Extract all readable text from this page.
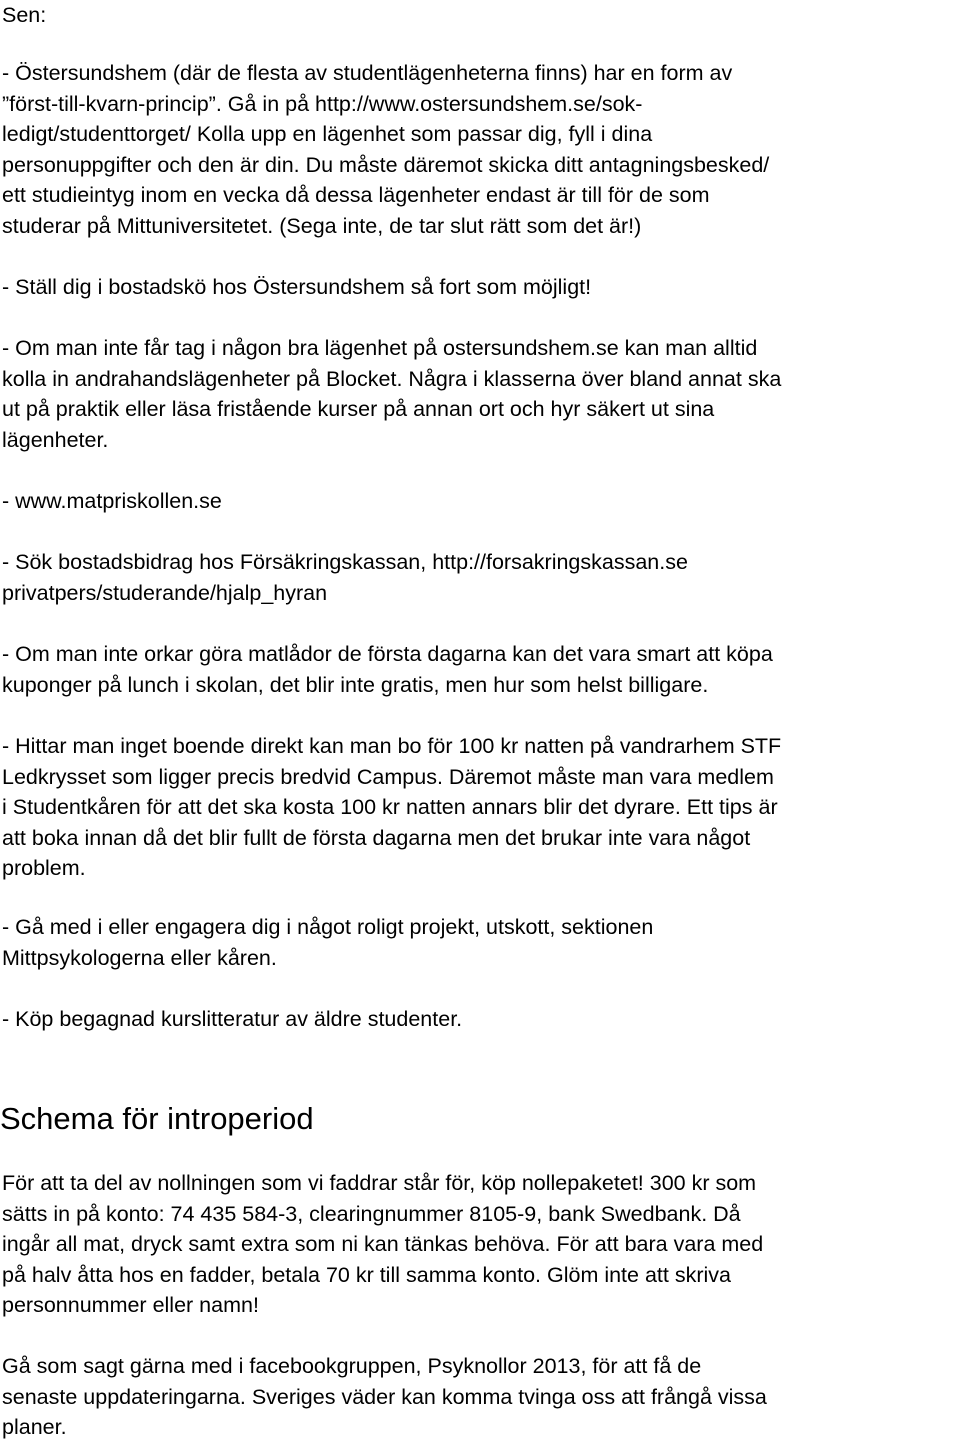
Sen:
- Östersundshem (där de flesta av studentlägenheterna finns) har en form av
”först-till-kvarn-princip”. Gå in på http://www.ostersundshem.se/sok-
ledigt/studenttorget/ Kolla upp en lägenhet som passar dig, fyll i dina
personuppgifter och den är din. Du måste däremot skicka ditt antagningsbesked/
ett studieintyg inom en vecka då dessa lägenheter endast är till för de som
studerar på Mittuniversitetet. (Sega inte, de tar slut rätt som det är!)
- Ställ dig i bostadskö hos Östersundshem så fort som möjligt!
- Om man inte får tag i någon bra lägenhet på ostersundshem.se kan man alltid
kolla in andrahandslägenheter på Blocket. Några i klasserna över bland annat ska
ut på praktik eller läsa fristående kurser på annan ort och hyr säkert ut sina
lägenheter.
- www.matpriskollen.se
- Sök bostadsbidrag hos Försäkringskassan, http://forsakringskassan.se
privatpers/studerande/hjalp_hyran
- Om man inte orkar göra matlådor de första dagarna kan det vara smart att köpa
kuponger på lunch i skolan, det blir inte gratis, men hur som helst billigare.
- Hittar man inget boende direkt kan man bo för 100 kr natten på vandrarhem STF
Ledkrysset som ligger precis bredvid Campus. Däremot måste man vara medlem
i Studentkåren för att det ska kosta 100 kr natten annars blir det dyrare. Ett tips är
att boka innan då det blir fullt de första dagarna men det brukar inte vara något
problem.
- Gå med i eller engagera dig i något roligt projekt, utskott, sektionen
Mittpsykologerna eller kåren.
- Köp begagnad kurslitteratur av äldre studenter.
Schema för introperiod
För att ta del av nollningen som vi faddrar står för, köp nollepaketet! 300 kr som
sätts in på konto: 74 435 584-3, clearingnummer 8105-9, bank Swedbank. Då
ingår all mat, dryck samt extra som ni kan tänkas behöva. För att bara vara med
på halv åtta hos en fadder, betala 70 kr till samma konto. Glöm inte att skriva
personnummer eller namn!
Gå som sagt gärna med i facebookgruppen, Psyknollor 2013, för att få de
senaste uppdateringarna. Sveriges väder kan komma tvinga oss att frångå vissa
planer.
